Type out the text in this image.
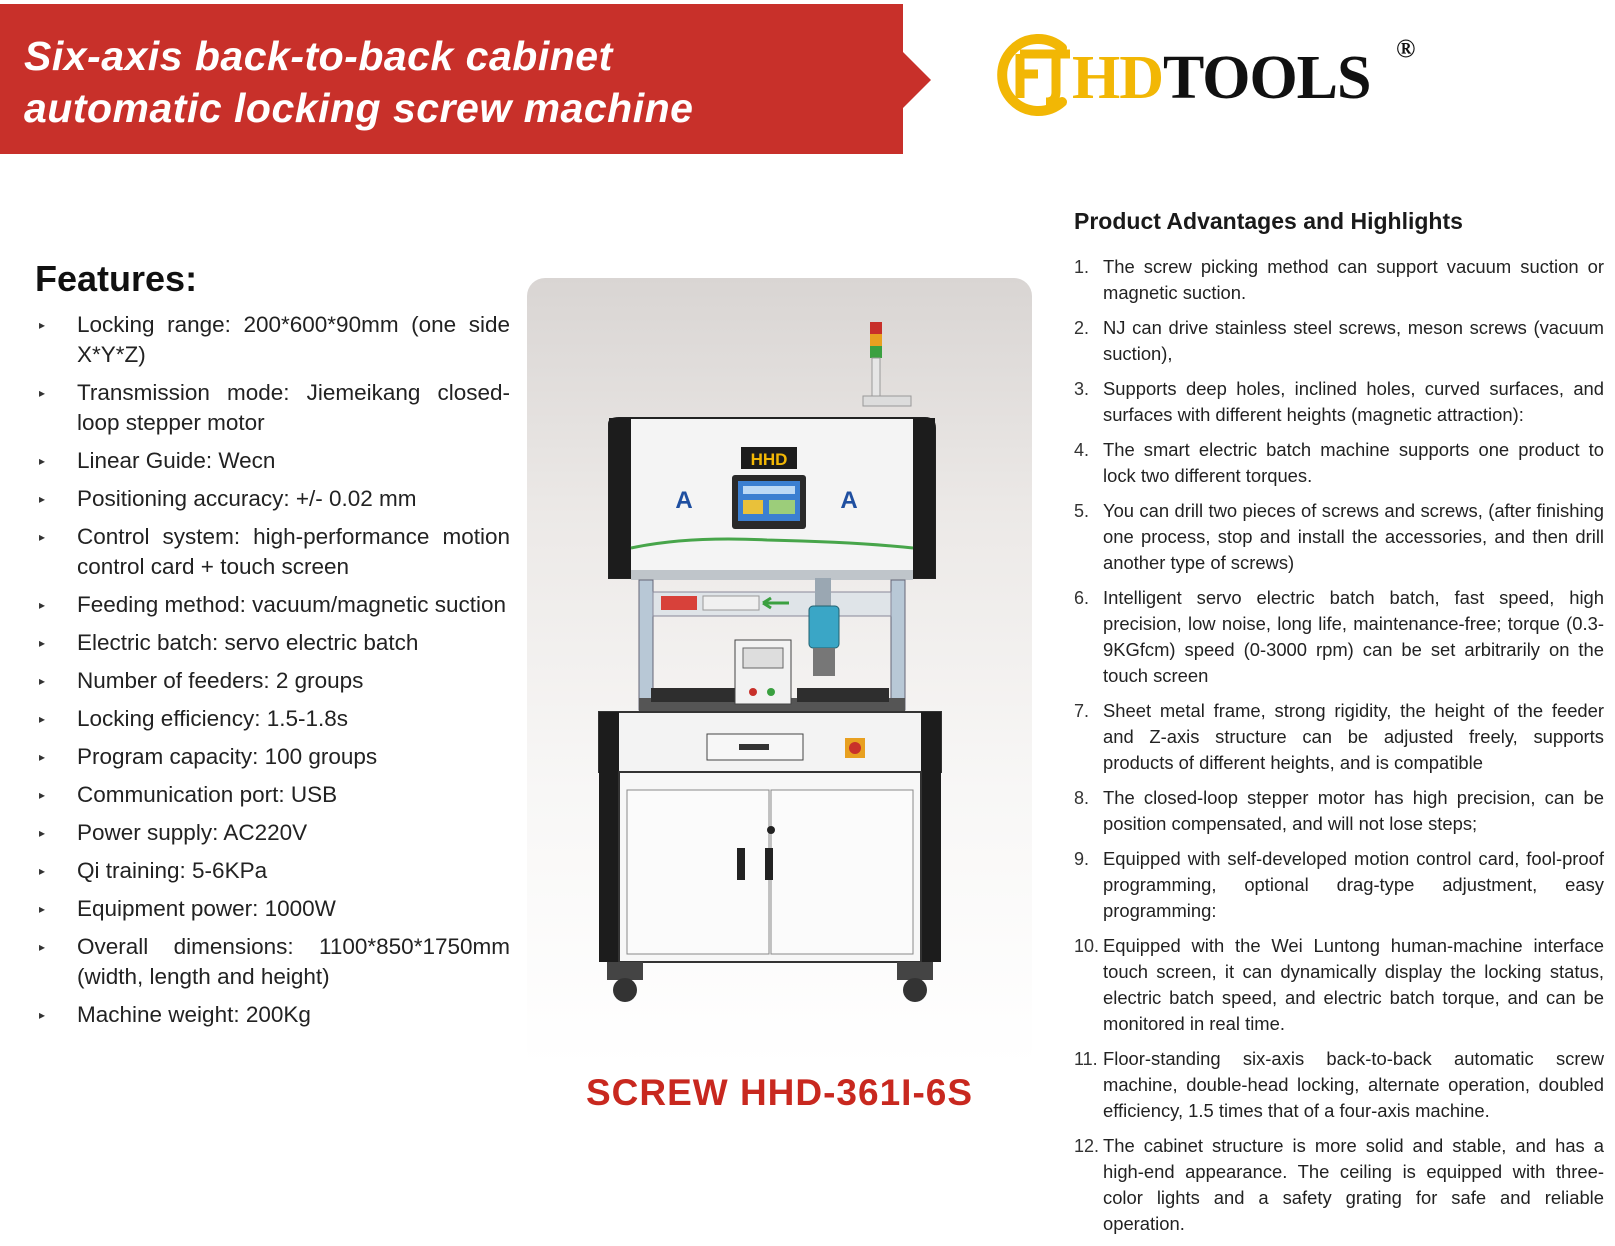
Six-axis back-to-back cabinet
automatic locking screw machine	HDTOOLS ®
Features:
▸ Locking range: 200*600*90mm (one side X*Y*Z)
▸ Transmission mode: Jiemeikang closed-loop stepper motor
▸ Linear Guide: Wecn
▸ Positioning accuracy: +/- 0.02 mm
▸ Control system: high-performance motion control card + touch screen
▸ Feeding method: vacuum/magnetic suction
▸ Electric batch: servo electric batch
▸ Number of feeders: 2 groups
▸ Locking efficiency: 1.5-1.8s
▸ Program capacity: 100 groups
▸ Communication port: USB
▸ Power supply: AC220V
▸ Qi training: 5-6KPa
▸ Equipment power: 1000W
▸ Overall dimensions: 1100*850*1750mm (width, length and height)
▸ Machine weight: 200Kg
HHD
A	A
SCREW HHD-361I-6S
Product Advantages and Highlights
1. The screw picking method can support vacuum suction or magnetic suction.
2. NJ can drive stainless steel screws, meson screws (vacuum suction),
3. Supports deep holes, inclined holes, curved surfaces, and surfaces with different heights (magnetic attraction):
4. The smart electric batch machine supports one product to lock two different torques.
5. You can drill two pieces of screws and screws, (after finishing one process, stop and install the accessories, and then drill another type of screws)
6. Intelligent servo electric batch batch, fast speed, high precision, low noise, long life, maintenance-free; torque (0.3-9KGfcm) speed (0-3000 rpm) can be set arbitrarily on the touch screen
7. Sheet metal frame, strong rigidity, the height of the feeder and Z-axis structure can be adjusted freely, supports products of different heights, and is compatible
8. The closed-loop stepper motor has high precision, can be position compensated, and will not lose steps;
9. Equipped with self-developed motion control card, fool-proof programming, optional drag-type adjustment, easy programming:
10. Equipped with the Wei Luntong human-machine interface touch screen, it can dynamically display the locking status, electric batch speed, and electric batch torque, and can be monitored in real time.
11. Floor-standing six-axis back-to-back automatic screw machine, double-head locking, alternate operation, doubled efficiency, 1.5 times that of a four-axis machine.
12. The cabinet structure is more solid and stable, and has a high-end appearance. The ceiling is equipped with three-color lights and a safety grating for safe and reliable operation.
